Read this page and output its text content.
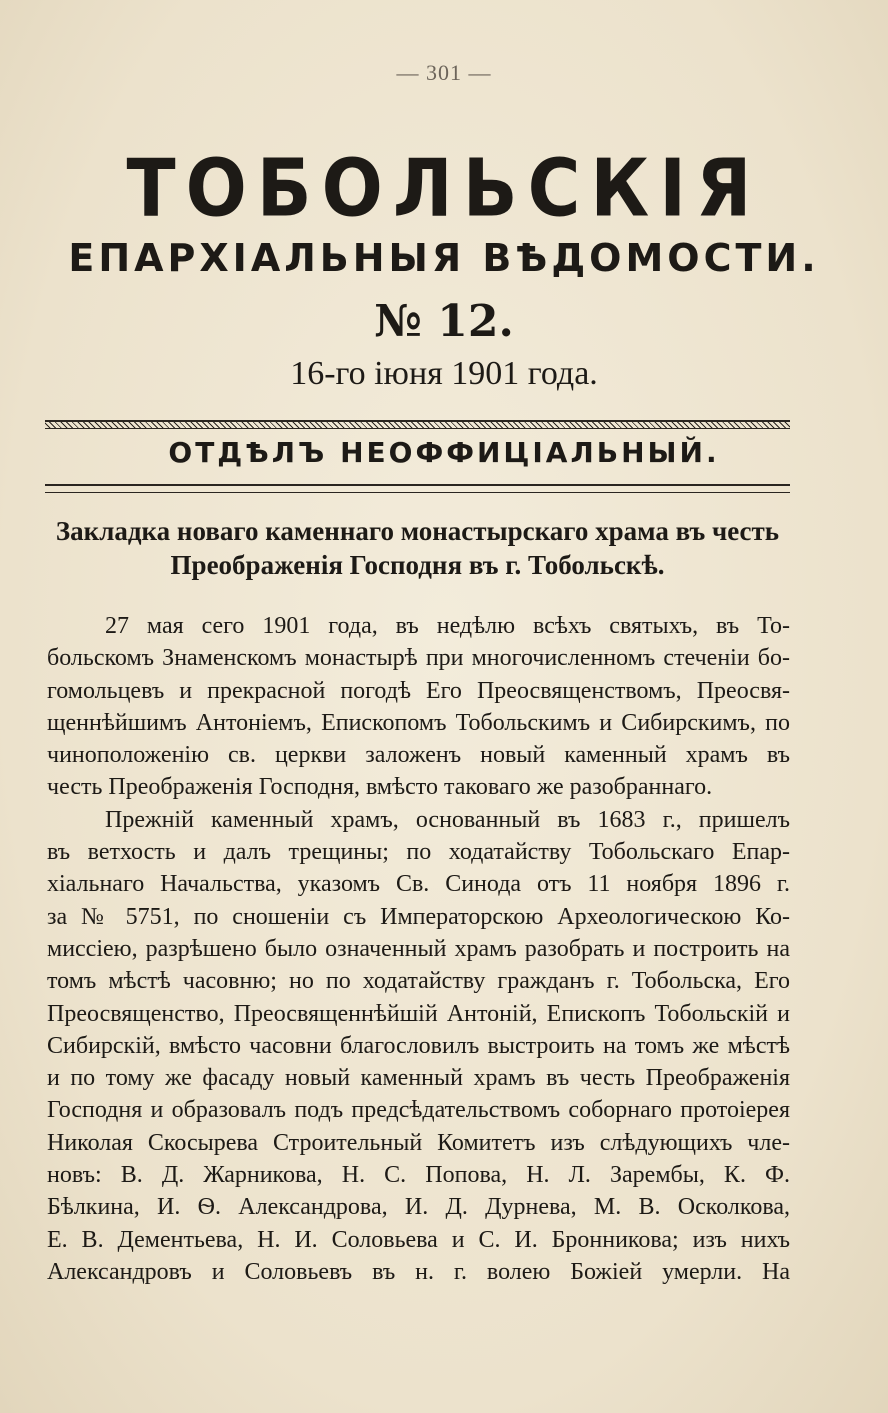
— 301 —
ТОБОЛЬСКІЯ
ЕПАРХІАЛЬНЫЯ ВѢДОМОСТИ.
№ 12.
16-го іюня 1901 года.
ОТДѢЛЪ НЕОФФИЦІАЛЬНЫЙ.
Закладка новаго каменнаго монастырскаго храма въ честь
Преображенія Господня въ г. Тобольскѣ.

27 мая сего 1901 года, въ недѣлю всѣхъ святыхъ, въ То-
больскомъ Знаменскомъ монастырѣ при многочисленномъ стеченіи бо-
гомольцевъ и прекрасной погодѣ Его Преосвященствомъ, Преосвя-
щеннѣйшимъ Антоніемъ, Епископомъ Тобольскимъ и Сибирскимъ, по
чиноположенію св. церкви заложенъ новый каменный храмъ въ
честь Преображенія Господня, вмѣсто таковаго же разобраннаго.

Прежній каменный храмъ, основанный въ 1683 г., пришелъ
въ ветхость и далъ трещины; по ходатайству Тобольскаго Епар-
хіальнаго Начальства, указомъ Св. Синода отъ 11 ноября 1896 г.
за № 5751, по сношеніи съ Императорскою Археологическою Ко-
миссіею, разрѣшено было означенный храмъ разобрать и построить на
томъ мѣстѣ часовню; но по ходатайству гражданъ г. Тобольска, Его
Преосвященство, Преосвященнѣйшій Антоній, Епископъ Тобольскій и
Сибирскій, вмѣсто часовни благословилъ выстроить на томъ же мѣстѣ
и по тому же фасаду новый каменный храмъ въ честь Преображенія
Господня и образовалъ подъ предсѣдательствомъ соборнаго протоіерея
Николая Скосырева Строительный Комитетъ изъ слѣдующихъ чле-
новъ: В. Д. Жарникова, Н. С. Попова, Н. Л. Зарембы, К. Ф.
Бѣлкина, И. Ѳ. Александрова, И. Д. Дурнева, М. В. Осколкова,
Е. В. Дементьева, Н. И. Соловьева и С. И. Бронникова; изъ нихъ
Александровъ и Соловьевъ въ н. г. волею Божіей умерли. На
